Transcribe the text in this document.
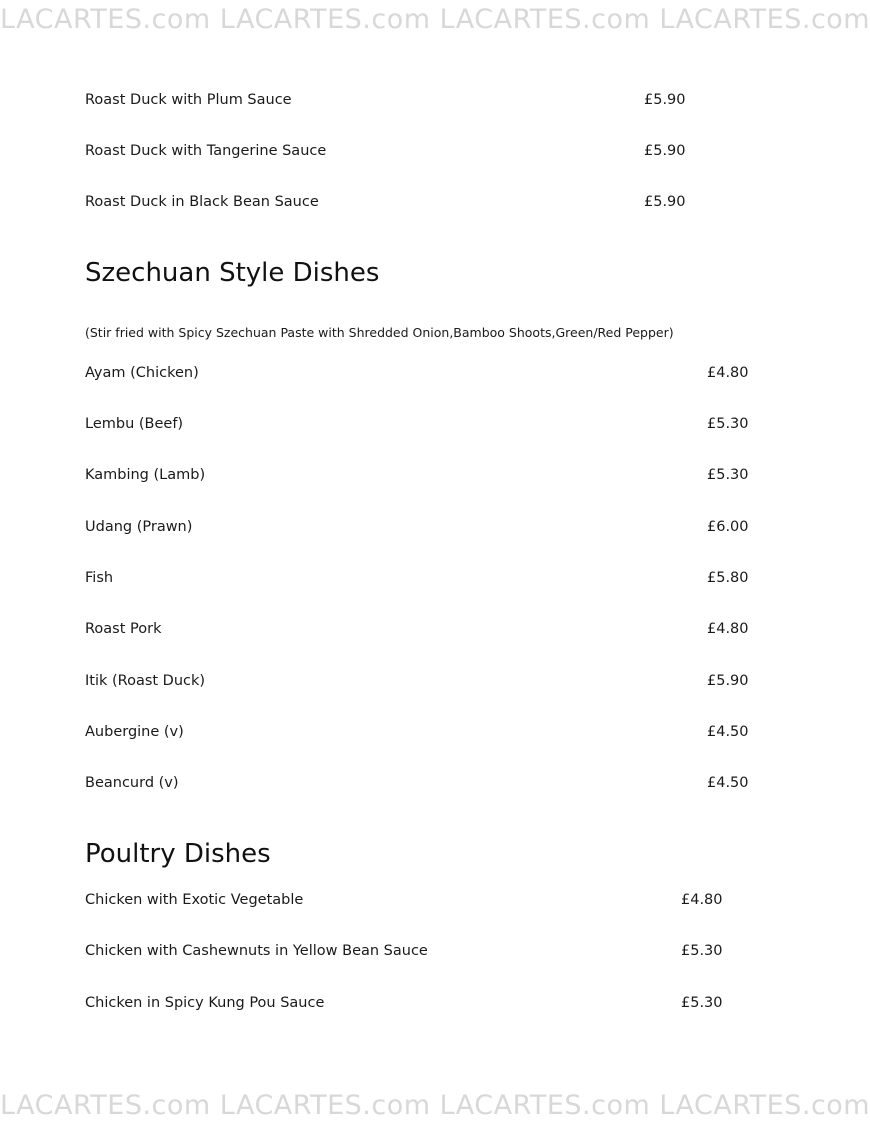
LACARTES.com LACARTES.com LACARTES.com LACARTES.com
Roast Duck with Plum Sauce	£5.90
Roast Duck with Tangerine Sauce	£5.90
Roast Duck in Black Bean Sauce	£5.90
Szechuan Style Dishes
(Stir fried with Spicy Szechuan Paste with Shredded Onion,Bamboo Shoots,Green/Red Pepper)
Ayam (Chicken)	£4.80
Lembu (Beef)	£5.30
Kambing (Lamb)	£5.30
Udang (Prawn)	£6.00
Fish	£5.80
Roast Pork	£4.80
Itik (Roast Duck)	£5.90
Aubergine (v)	£4.50
Beancurd (v)	£4.50
Poultry Dishes
Chicken with Exotic Vegetable	£4.80
Chicken with Cashewnuts in Yellow Bean Sauce	£5.30
Chicken in Spicy Kung Pou Sauce	£5.30
LACARTES.com LACARTES.com LACARTES.com LACARTES.com
